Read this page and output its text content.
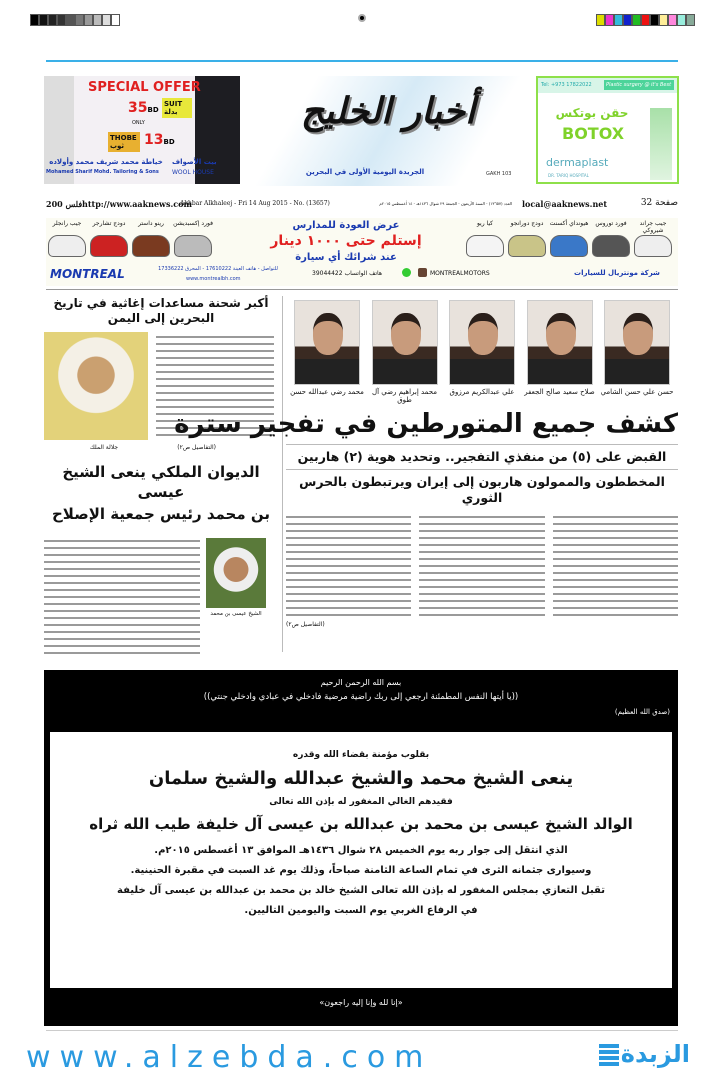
SPECIAL OFFER
35BD
SUIT بدلة
ONLY
THOBE ثوب	13BD
خياطة محمد شريف محمد وأولاده
Mohamed Sharif Mohd. Tailoring & Sons
بيت الأصواف
WOOL HOUSE
أخبار الخليج
الجريدة اليومية الأولى في البحرين	GAKH 103
Tel: +973 17822022	Plastic surgery @ it's Best
حقن بوتكس
BOTOX
dermaplast
DR. TARIQ HOSPITAL
200 فلس http://www.aaknews.com
Akhbar Alkhaleej - Fri 14 Aug 2015 - No. (13657)	العدد (١٣٦٥٧) - السنة الأربعون - الجمعة ٢٩ شوال ١٤٣٦هـ - ١٤ أغسطس ٢٠١٥م local@aaknews.net	32 صفحة
جيب رانجلر	دودج تشارجر	رينو داستر	فورد إكسبديشن	كيا ريو	دودج دورانجو	هيونداي أكسنت	فورد توروس	جيب جراند شيروكي
عرض العودة للمدارس
إستلم حتى ١٠٠٠ دينار
عند شرائك أي سيارة
MONTREAL	للتواصل - هاتف العينة 17610222 - المحرق 17336222
www.montrealbh.com
هاتف الواتساب 39044422	MONTREALMOTORS	شركة مونتريال للسيارات
أكبر شحنة مساعدات إغاثية في تاريخ البحرين إلى اليمن
جلالة الملك	(التفاصيل ص٢)
حسن علي حسن الشامي
صلاح سعيد صالح الجعفر
علي عبدالكريم مرزوق
محمد إبراهيم رضي آل طوق
محمد رضي عبدالله حسن
كشف جميع المتورطين في تفجير سترة
القبض على (٥) من منفذي التفجير.. وتحديد هوية (٢) هاربين
المخططون والممولون هاربون إلى إيران ويرتبطون بالحرس الثوري
(التفاصيل ص٢)
الديوان الملكي ينعى الشيخ عيسى
بن محمد رئيس جمعية الإصلاح
الشيخ عيسى بن محمد
بسم الله الرحمن الرحيم
((يا أيتها النفس المطمئنة ارجعي إلى ربك راضية مرضية فادخلي في عبادي وادخلي جنتي))
(صدق الله العظيم)
بقلوب مؤمنة بقضاء الله وقدره
ينعى الشيخ محمد والشيخ عبدالله والشيخ سلمان
فقيدهم الغالي المغفور له بإذن الله تعالى
الوالد الشيخ عيسى بن محمد بن عبدالله بن عيسى آل خليفة طيب الله ثراه
الذي انتقل إلى جوار ربه يوم الخميس ٢٨ شوال ١٤٣٦هـ الموافق ١٣ أغسطس ٢٠١٥م.
وسيوارى جثمانه الثرى في تمام الساعة الثامنة صباحاً، وذلك يوم غد السبت في مقبرة الحنينية.
تقبل التعازي بمجلس المغفور له بإذن الله تعالى الشيخ خالد بن محمد بن عبدالله بن عيسى آل خليفة
في الرفاع الغربي يوم السبت واليومين التاليين.
«إنا لله وإنا إليه راجعون»
www.alzebda.com	الزبدة
